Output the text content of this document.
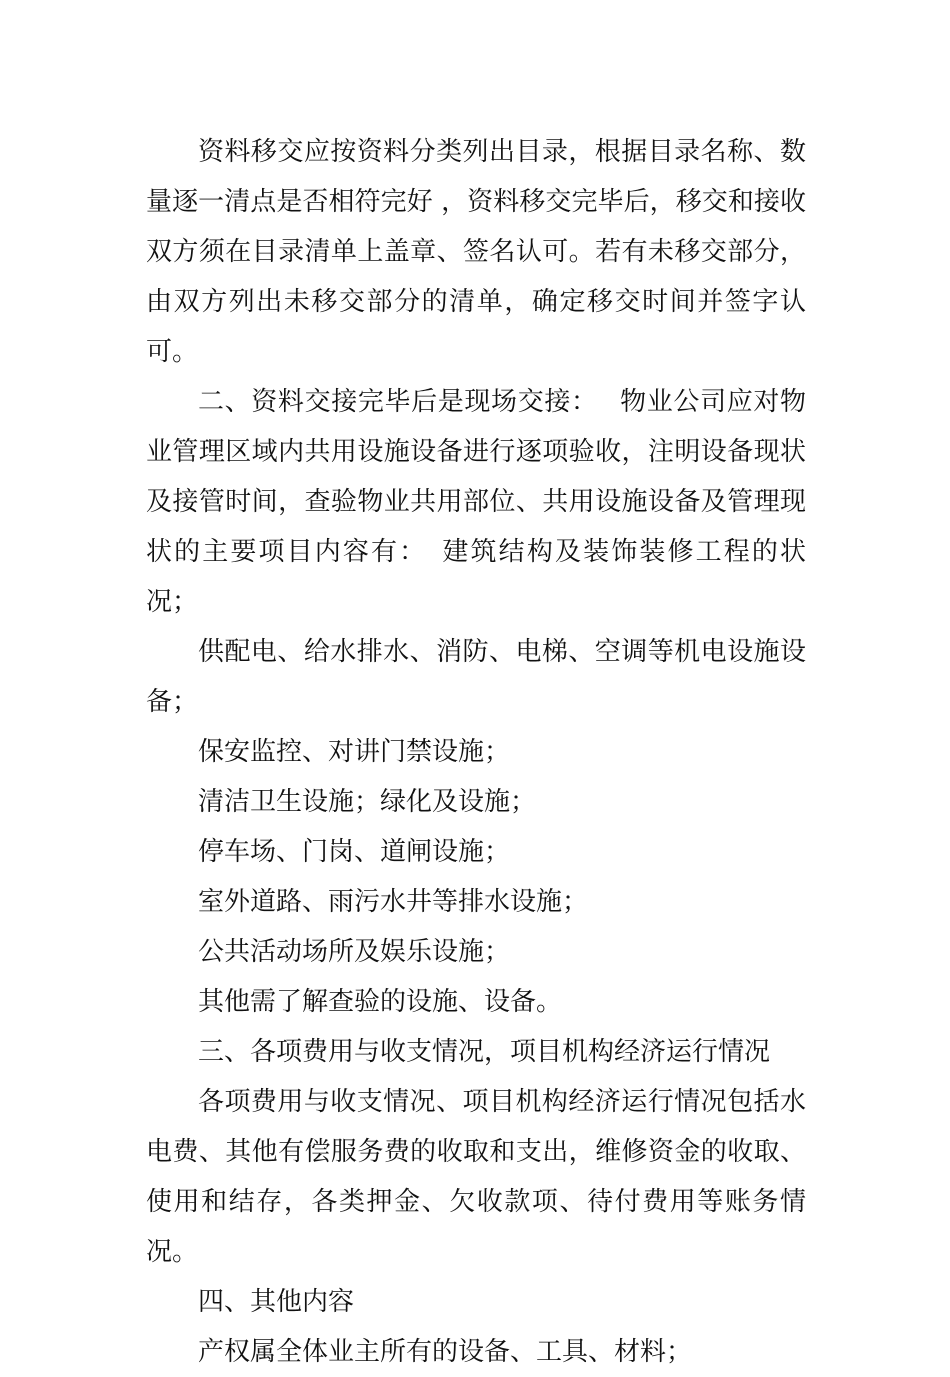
资料移交应按资料分类列出目录，根据目录名称、数量逐一清点是否相符完好 ，资料移交完毕后，移交和接收双方须在目录清单上盖章、签名认可。若有未移交部分，由双方列出未移交部分的清单，确定移交时间并签字认可。

二、资料交接完毕后是现场交接：　 物业公司应对物业管理区域内共用设施设备进行逐项验收，注明设备现状及接管时间，查验物业共用部位、共用设施设备及管理现状的主要项目内容有：　建筑结构及装饰装修工程的状况；

供配电、给水排水、消防、电梯、空调等机电设施设备；

保安监控、对讲门禁设施；

清洁卫生设施；绿化及设施；

停车场、门岗、道闸设施；

室外道路、雨污水井等排水设施；

公共活动场所及娱乐设施；

其他需了解查验的设施、设备。

三、各项费用与收支情况，项目机构经济运行情况

各项费用与收支情况、项目机构经济运行情况包括水电费、其他有偿服务费的收取和支出，维修资金的收取、使用和结存，各类押金、欠收款项、待付费用等账务情况。

四、其他内容

产权属全体业主所有的设备、工具、材料；
